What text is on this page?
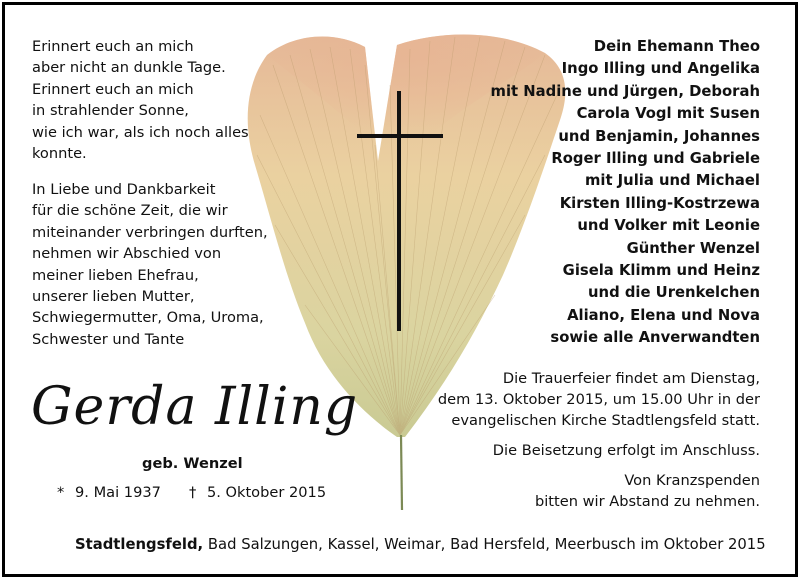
Erinnert euch an mich
aber nicht an dunkle Tage.
Erinnert euch an mich
in strahlender Sonne,
wie ich war, als ich noch alles
konnte.
In Liebe und Dankbarkeit
für die schöne Zeit, die wir
miteinander verbringen durften,
nehmen wir Abschied von
meiner lieben Ehefrau,
unserer lieben Mutter,
Schwiegermutter, Oma, Uroma,
Schwester und Tante
Dein Ehemann Theo
Ingo Illing und Angelika
mit Nadine und Jürgen, Deborah
Carola Vogl mit Susen
und Benjamin, Johannes
Roger Illing und Gabriele
mit Julia und Michael
Kirsten Illing-Kostrzewa
und Volker mit Leonie
Günther Wenzel
Gisela Klimm und Heinz
und die Urenkelchen
Aliano, Elena und Nova
sowie alle Anverwandten
Gerda Illing
geb. Wenzel
* 9. Mai 1937 † 5. Oktober 2015
Die Trauerfeier findet am Dienstag,
dem 13. Oktober 2015, um 15.00 Uhr in der
evangelischen Kirche Stadtlengsfeld statt.
Die Beisetzung erfolgt im Anschluss.
Von Kranzspenden
bitten wir Abstand zu nehmen.
Stadtlengsfeld, Bad Salzungen, Kassel, Weimar, Bad Hersfeld, Meerbusch im Oktober 2015
